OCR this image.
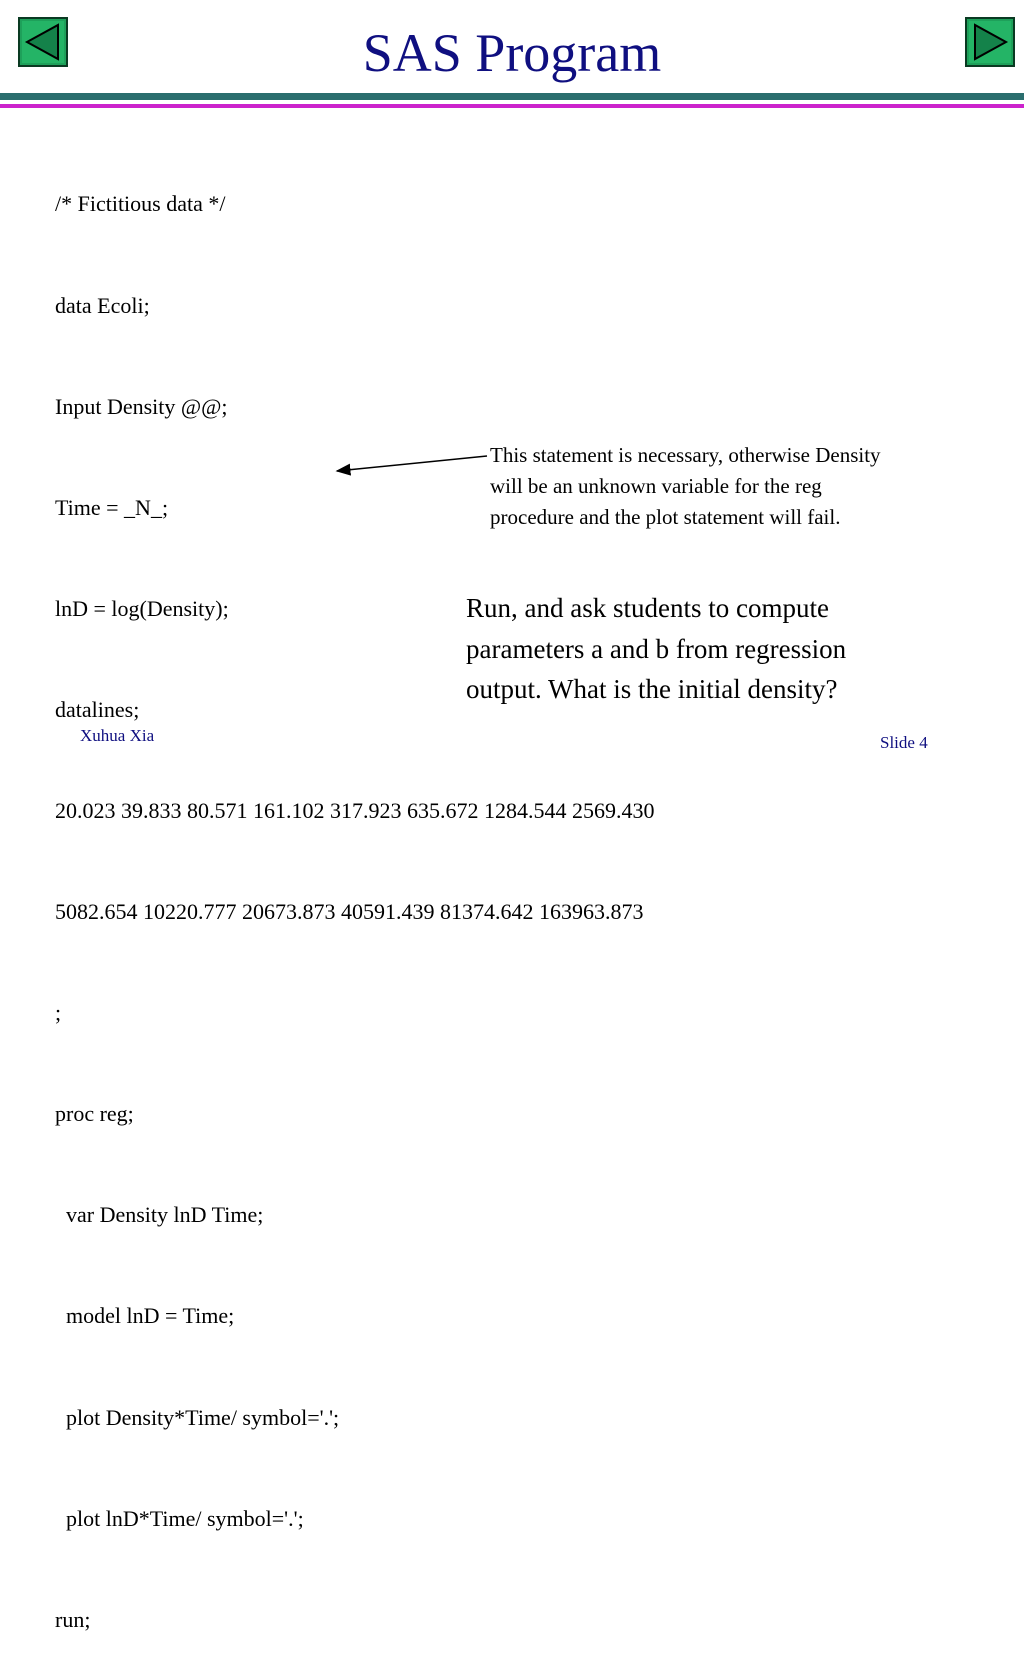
SAS Program

/* Fictitious data */

data Ecoli;

Input Density @@;

Time = _N_;

lnD = log(Density);

datalines;

20.023 39.833 80.571 161.102 317.923 635.672 1284.544 2569.430

5082.654 10220.777 20673.873 40591.439 81374.642 163963.873

;

proc reg;

var Density lnD Time;

model lnD = Time;

plot Density*Time/ symbol='.';

plot lnD*Time/ symbol='.';

run;

This statement is necessary, otherwise Density
will be an unknown variable for the reg
procedure and the plot statement will fail.
Run, and ask students to compute
parameters a and b from regression
output. What is the initial density?
Xuhua Xia	Slide 4
